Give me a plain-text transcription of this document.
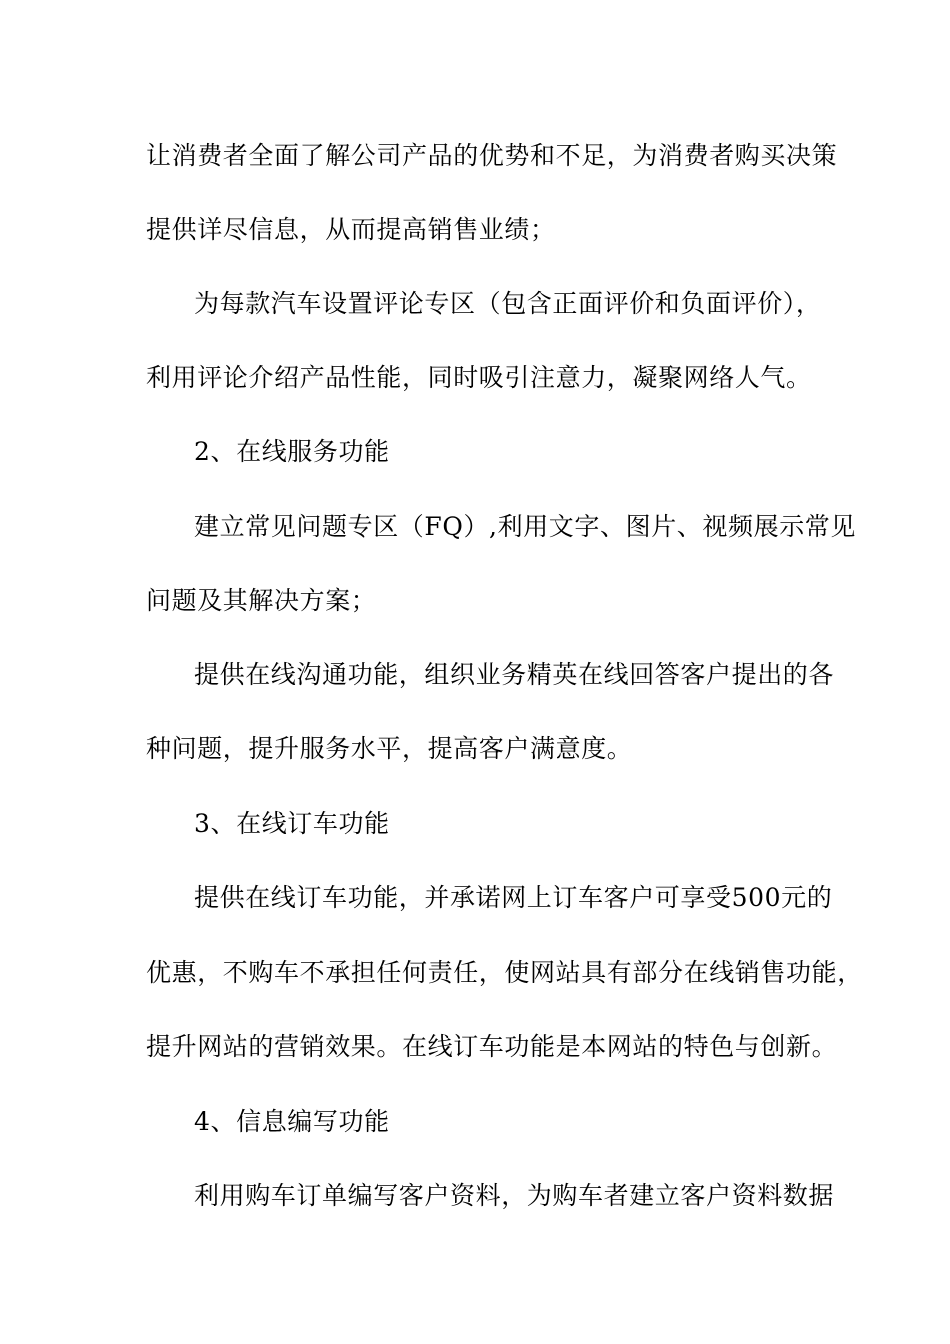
让消费者全面了解公司产品的优势和不足，为消费者购买决策
提供详尽信息，从而提高销售业绩；
为每款汽车设置评论专区（包含正面评价和负面评价），
利用评论介绍产品性能，同时吸引注意力，凝聚网络人气。
2、在线服务功能
建立常见问题专区（FQ）,利用文字、图片、视频展示常见
问题及其解决方案；
提供在线沟通功能，组织业务精英在线回答客户提出的各
种问题，提升服务水平，提高客户满意度。
3、在线订车功能
提供在线订车功能，并承诺网上订车客户可享受500元的
优惠，不购车不承担任何责任，使网站具有部分在线销售功能，
提升网站的营销效果。在线订车功能是本网站的特色与创新。
4、信息编写功能
利用购车订单编写客户资料，为购车者建立客户资料数据
